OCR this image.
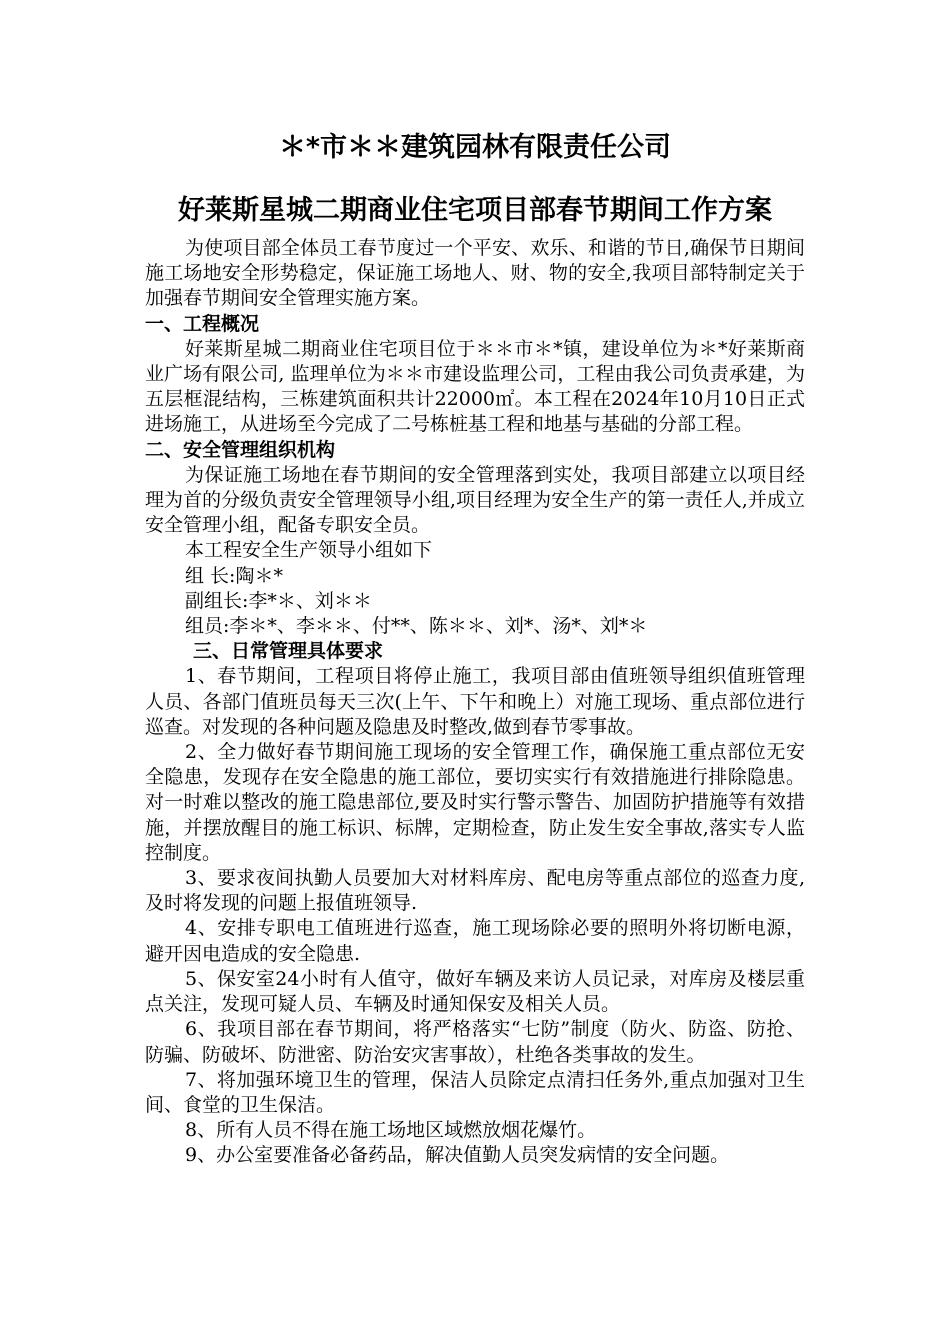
＊*市＊＊建筑园林有限责任公司
好莱斯星城二期商业住宅项目部春节期间工作方案

为使项目部全体员工春节度过一个平安、欢乐、和谐的节日,确保节日期间施工场地安全形势稳定，保证施工场地人、财、物的安全,我项目部特制定关于加强春节期间安全管理实施方案。

一、工程概况

好莱斯星城二期商业住宅项目位于＊＊市＊*镇，建设单位为＊*好莱斯商业广场有限公司, 监理单位为＊＊市建设监理公司，工程由我公司负责承建，为五层框混结构，三栋建筑面积共计22000㎡。本工程在2024年10月10日正式进场施工，从进场至今完成了二号栋桩基工程和地基与基础的分部工程。

二、安全管理组织机构

为保证施工场地在春节期间的安全管理落到实处，我项目部建立以项目经理为首的分级负责安全管理领导小组,项目经理为安全生产的第一责任人,并成立安全管理小组，配备专职安全员。

本工程安全生产领导小组如下

组 长:陶＊*

副组长:李*＊、刘＊＊

组员:李＊*、李＊＊、付**、陈＊＊、刘*、汤*、刘*＊

三、日常管理具体要求

1、春节期间，工程项目将停止施工，我项目部由值班领导组织值班管理人员、各部门值班员每天三次(上午、下午和晚上）对施工现场、重点部位进行巡查。对发现的各种问题及隐患及时整改,做到春节零事故。

2、全力做好春节期间施工现场的安全管理工作，确保施工重点部位无安全隐患，发现存在安全隐患的施工部位，要切实实行有效措施进行排除隐患。对一时难以整改的施工隐患部位,要及时实行警示警告、加固防护措施等有效措施，并摆放醒目的施工标识、标牌，定期检查，防止发生安全事故,落实专人监控制度。

3、要求夜间执勤人员要加大对材料库房、配电房等重点部位的巡查力度,及时将发现的问题上报值班领导.

4、安排专职电工值班进行巡查，施工现场除必要的照明外将切断电源，避开因电造成的安全隐患.

5、保安室24小时有人值守，做好车辆及来访人员记录，对库房及楼层重点关注，发现可疑人员、车辆及时通知保安及相关人员。

6、我项目部在春节期间，将严格落实“七防”制度（防火、防盗、防抢、防骗、防破坏、防泄密、防治安灾害事故），杜绝各类事故的发生。

7、将加强环境卫生的管理，保洁人员除定点清扫任务外,重点加强对卫生间、食堂的卫生保洁。

8、所有人员不得在施工场地区域燃放烟花爆竹。

9、办公室要准备必备药品，解决值勤人员突发病情的安全问题。
